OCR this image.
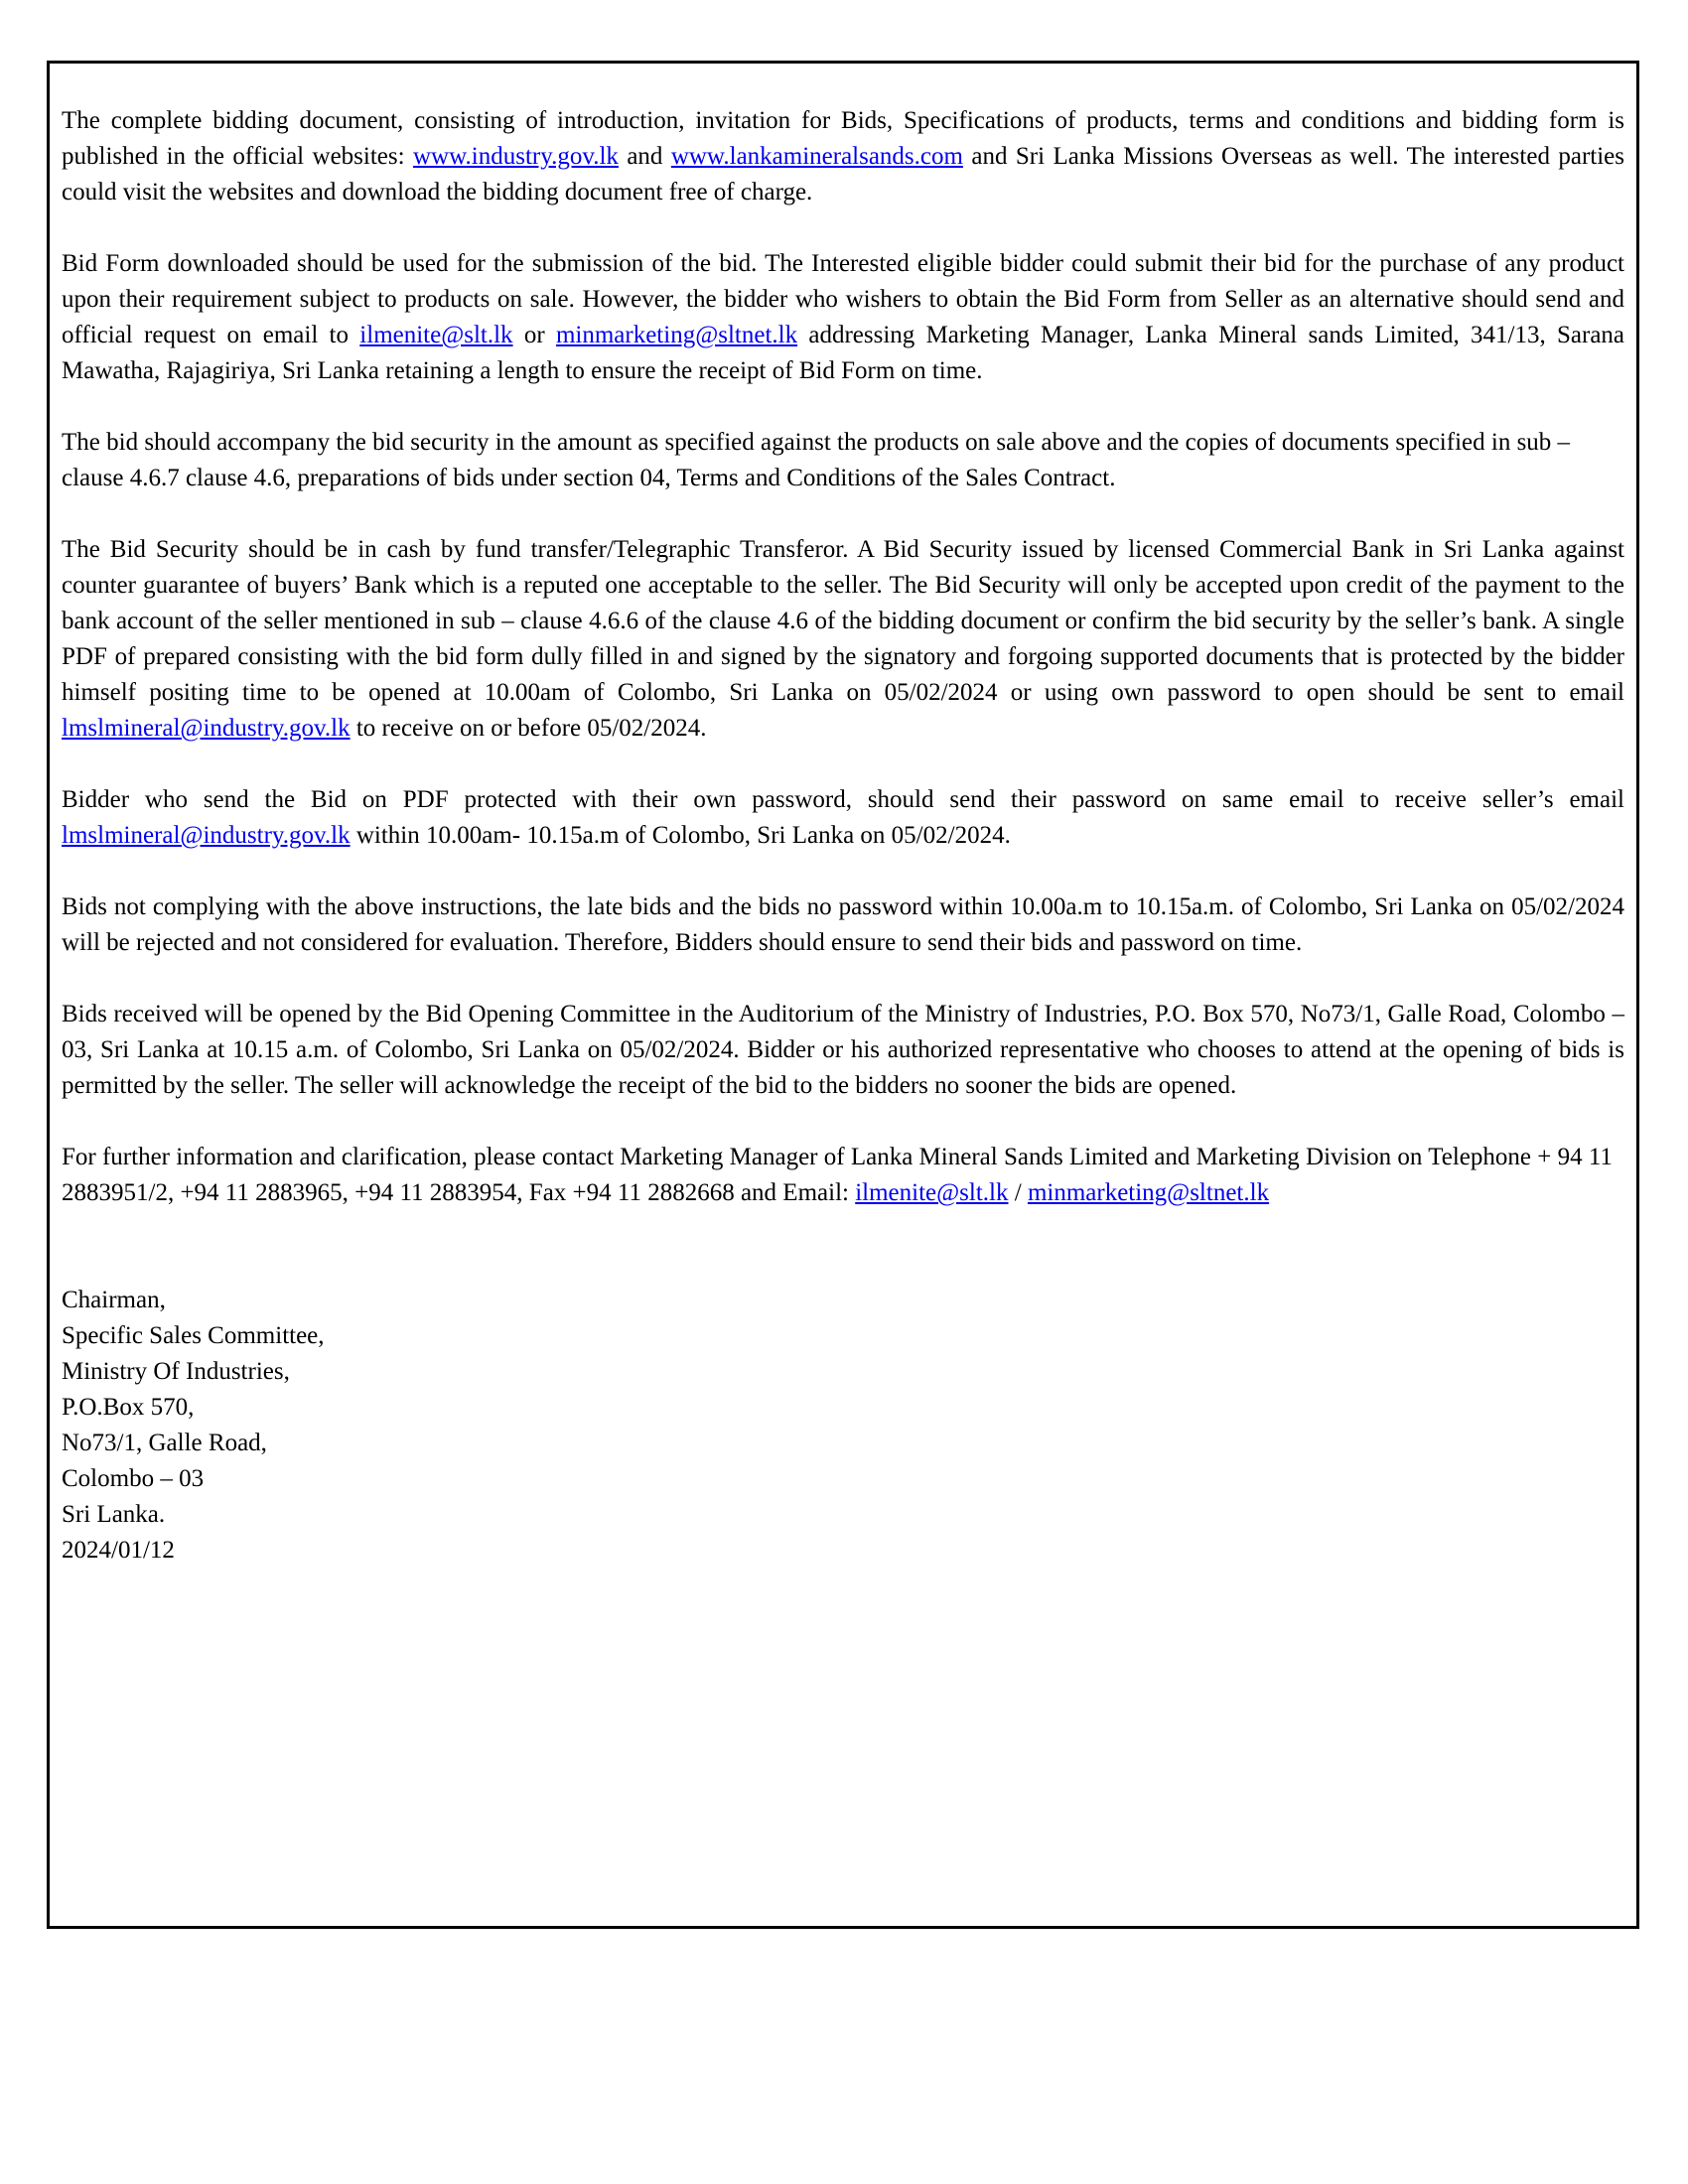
The complete bidding document, consisting of introduction, invitation for Bids, Specifications of products, terms and conditions and bidding form is published in the official websites: www.industry.gov.lk and www.lankamineralsands.com and Sri Lanka Missions Overseas as well. The interested parties could visit the websites and download the bidding document free of charge.

Bid Form downloaded should be used for the submission of the bid. The Interested eligible bidder could submit their bid for the purchase of any product upon their requirement subject to products on sale. However, the bidder who wishers to obtain the Bid Form from Seller as an alternative should send and official request on email to ilmenite@slt.lk or minmarketing@sltnet.lk addressing Marketing Manager, Lanka Mineral sands Limited, 341/13, Sarana Mawatha, Rajagiriya, Sri Lanka retaining a length to ensure the receipt of Bid Form on time.

The bid should accompany the bid security in the amount as specified against the products on sale above and the copies of documents specified in sub – clause 4.6.7 clause 4.6, preparations of bids under section 04, Terms and Conditions of the Sales Contract.

The Bid Security should be in cash by fund transfer/Telegraphic Transferor. A Bid Security issued by licensed Commercial Bank in Sri Lanka against counter guarantee of buyers’ Bank which is a reputed one acceptable to the seller. The Bid Security will only be accepted upon credit of the payment to the bank account of the seller mentioned in sub – clause 4.6.6 of the clause 4.6 of the bidding document or confirm the bid security by the seller’s bank. A single PDF of prepared consisting with the bid form dully filled in and signed by the signatory and forgoing supported documents that is protected by the bidder himself positing time to be opened at 10.00am of Colombo, Sri Lanka on 05/02/2024 or using own password to open should be sent to email lmslmineral@industry.gov.lk to receive on or before 05/02/2024.

Bidder who send the Bid on PDF protected with their own password, should send their password on same email to receive seller’s email lmslmineral@industry.gov.lk within 10.00am- 10.15a.m of Colombo, Sri Lanka on 05/02/2024.

Bids not complying with the above instructions, the late bids and the bids no password within 10.00a.m to 10.15a.m. of Colombo, Sri Lanka on 05/02/2024 will be rejected and not considered for evaluation. Therefore, Bidders should ensure to send their bids and password on time.

Bids received will be opened by the Bid Opening Committee in the Auditorium of the Ministry of Industries, P.O. Box 570, No73/1, Galle Road, Colombo – 03, Sri Lanka at 10.15 a.m. of Colombo, Sri Lanka on 05/02/2024. Bidder or his authorized representative who chooses to attend at the opening of bids is permitted by the seller. The seller will acknowledge the receipt of the bid to the bidders no sooner the bids are opened.

For further information and clarification, please contact Marketing Manager of Lanka Mineral Sands Limited and Marketing Division on Telephone + 94 11 2883951/2, +94 11 2883965, +94 11 2883954, Fax +94 11 2882668 and Email: ilmenite@slt.lk / minmarketing@sltnet.lk

Chairman,
Specific Sales Committee,
Ministry Of Industries,
P.O.Box 570,
No73/1, Galle Road,
Colombo – 03
Sri Lanka.
2024/01/12
